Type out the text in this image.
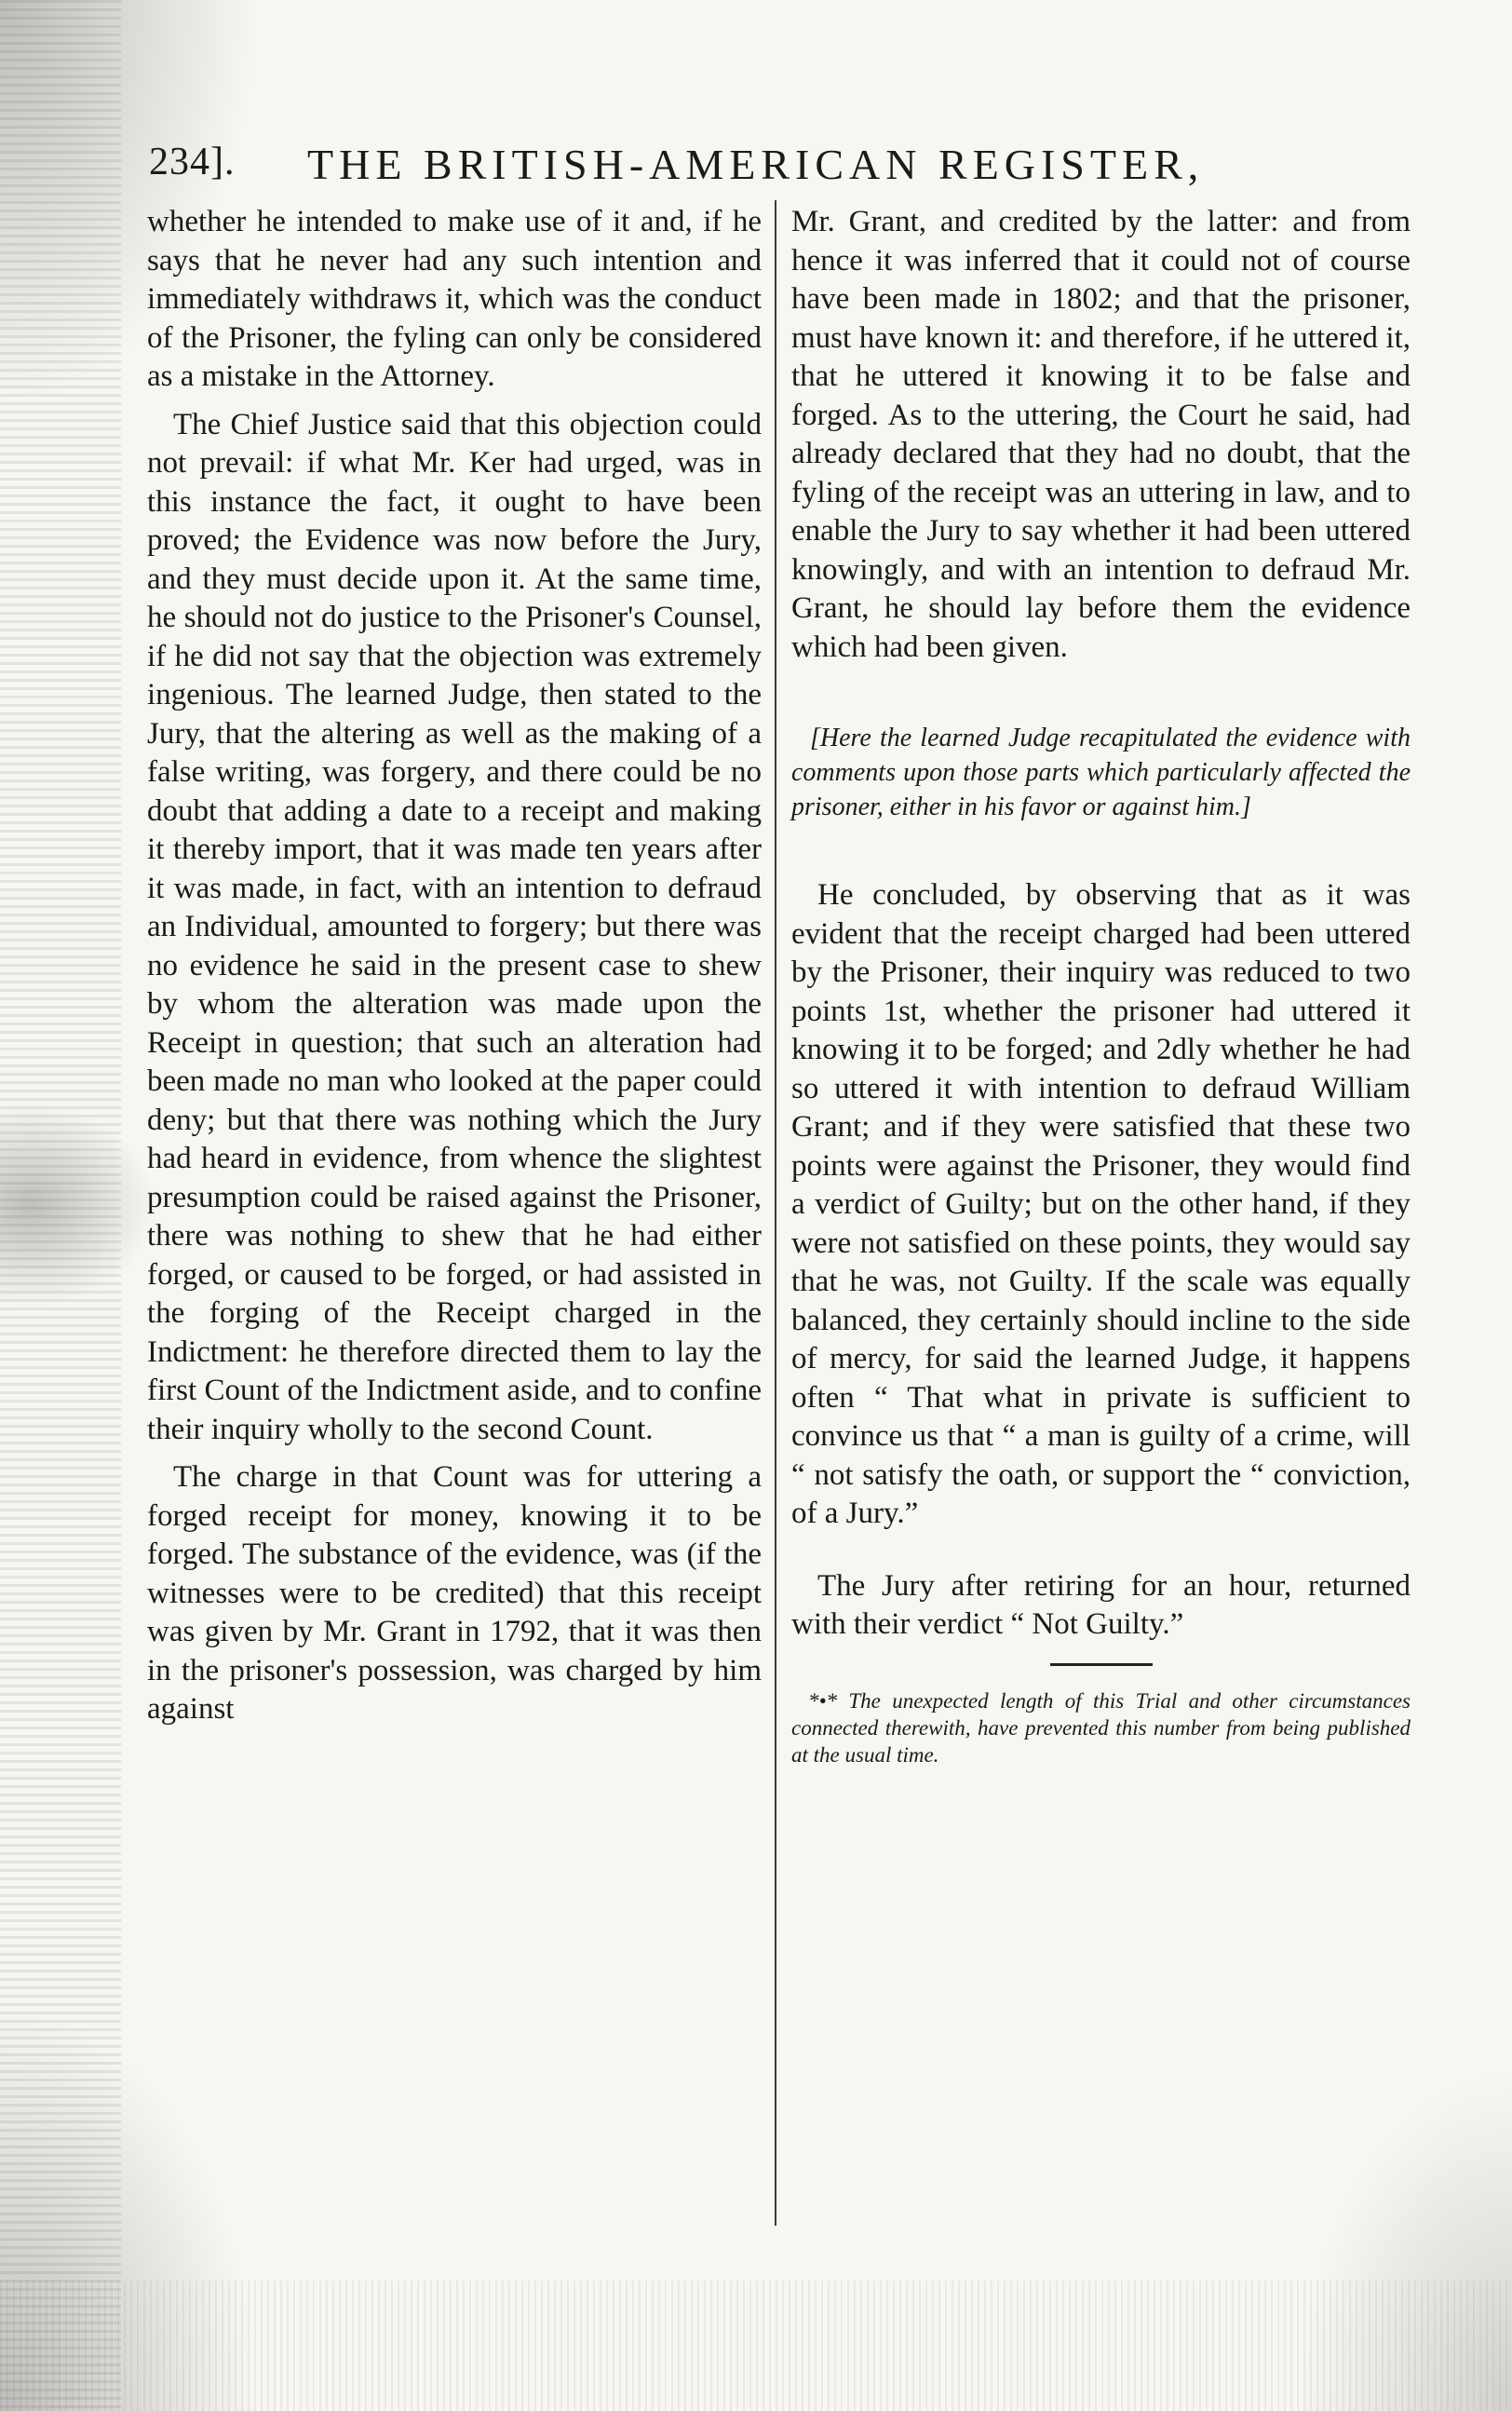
234]. THE BRITISH-AMERICAN REGISTER,

whether he intended to make use of it and, if he says that he never had any such intention and immediately withdraws it, which was the conduct of the Prisoner, the fyling can only be considered as a mistake in the Attorney.

The Chief Justice said that this objection could not prevail: if what Mr. Ker had urged, was in this instance the fact, it ought to have been proved; the Evidence was now before the Jury, and they must decide upon it. At the same time, he should not do justice to the Prisoner's Counsel, if he did not say that the objection was extremely ingenious. The learned Judge, then stated to the Jury, that the altering as well as the making of a false writing, was forgery, and there could be no doubt that adding a date to a receipt and making it thereby import, that it was made ten years after it was made, in fact, with an intention to defraud an Individual, amounted to forgery; but there was no evidence he said in the present case to shew by whom the alteration was made upon the Receipt in question; that such an alteration had been made no man who looked at the paper could deny; but that there was nothing which the Jury had heard in evidence, from whence the slightest presumption could be raised against the Prisoner, there was nothing to shew that he had either forged, or caused to be forged, or had assisted in the forging of the Receipt charged in the Indictment: he therefore directed them to lay the first Count of the Indictment aside, and to confine their inquiry wholly to the second Count.

The charge in that Count was for uttering a forged receipt for money, knowing it to be forged. The substance of the evidence, was (if the witnesses were to be credited) that this receipt was given by Mr. Grant in 1792, that it was then in the prisoner's possession, was charged by him against

Mr. Grant, and credited by the latter: and from hence it was inferred that it could not of course have been made in 1802; and that the prisoner, must have known it: and therefore, if he uttered it, that he uttered it knowing it to be false and forged. As to the uttering, the Court he said, had already declared that they had no doubt, that the fyling of the receipt was an uttering in law, and to enable the Jury to say whether it had been uttered knowingly, and with an intention to defraud Mr. Grant, he should lay before them the evidence which had been given.

[Here the learned Judge recapitulated the evidence with comments upon those parts which particularly affected the prisoner, either in his favor or against him.]

He concluded, by observing that as it was evident that the receipt charged had been uttered by the Prisoner, their inquiry was reduced to two points 1st, whether the prisoner had uttered it knowing it to be forged; and 2dly whether he had so uttered it with intention to defraud William Grant; and if they were satisfied that these two points were against the Prisoner, they would find a verdict of Guilty; but on the other hand, if they were not satisfied on these points, they would say that he was, not Guilty. If the scale was equally balanced, they certainly should incline to the side of mercy, for said the learned Judge, it happens often “ That what in private is sufficient to convince us that “ a man is guilty of a crime, will “ not satisfy the oath, or support the “ conviction, of a Jury.”

The Jury after retiring for an hour, returned with their verdict “ Not Guilty.”

*•* The unexpected length of this Trial and other circumstances connected therewith, have prevented this number from being published at the usual time.
